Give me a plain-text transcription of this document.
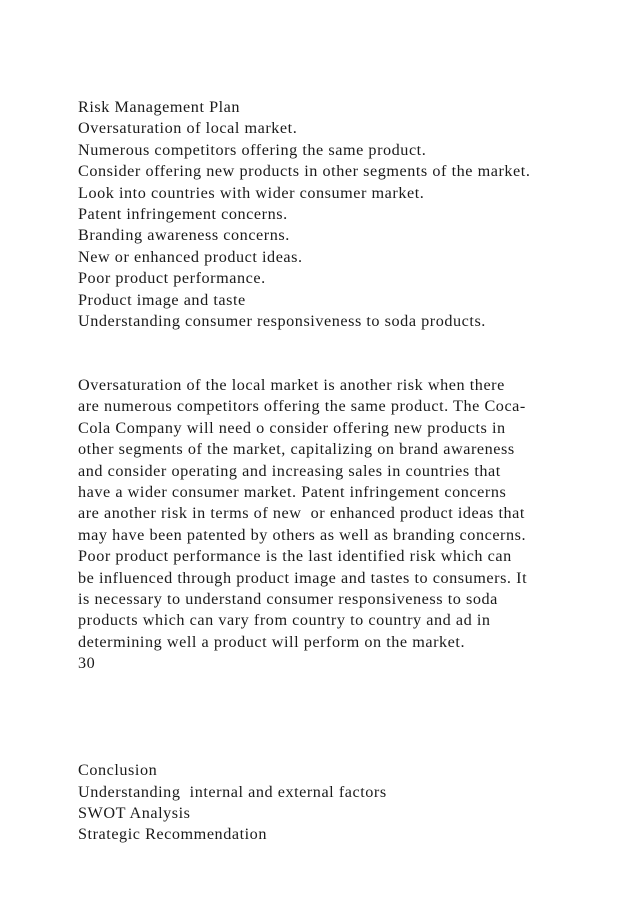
Risk Management Plan
Oversaturation of local market.
Numerous competitors offering the same product.
Consider offering new products in other segments of the market.
Look into countries with wider consumer market.
Patent infringement concerns.
Branding awareness concerns.
New or enhanced product ideas.
Poor product performance.
Product image and taste
Understanding consumer responsiveness to soda products.
Oversaturation of the local market is another risk when there
are numerous competitors offering the same product. The Coca-
Cola Company will need o consider offering new products in
other segments of the market, capitalizing on brand awareness
and consider operating and increasing sales in countries that
have a wider consumer market. Patent infringement concerns
are another risk in terms of new  or enhanced product ideas that
may have been patented by others as well as branding concerns.
Poor product performance is the last identified risk which can
be influenced through product image and tastes to consumers. It
is necessary to understand consumer responsiveness to soda
products which can vary from country to country and ad in
determining well a product will perform on the market.
30
Conclusion
Understanding  internal and external factors
SWOT Analysis
Strategic Recommendation
